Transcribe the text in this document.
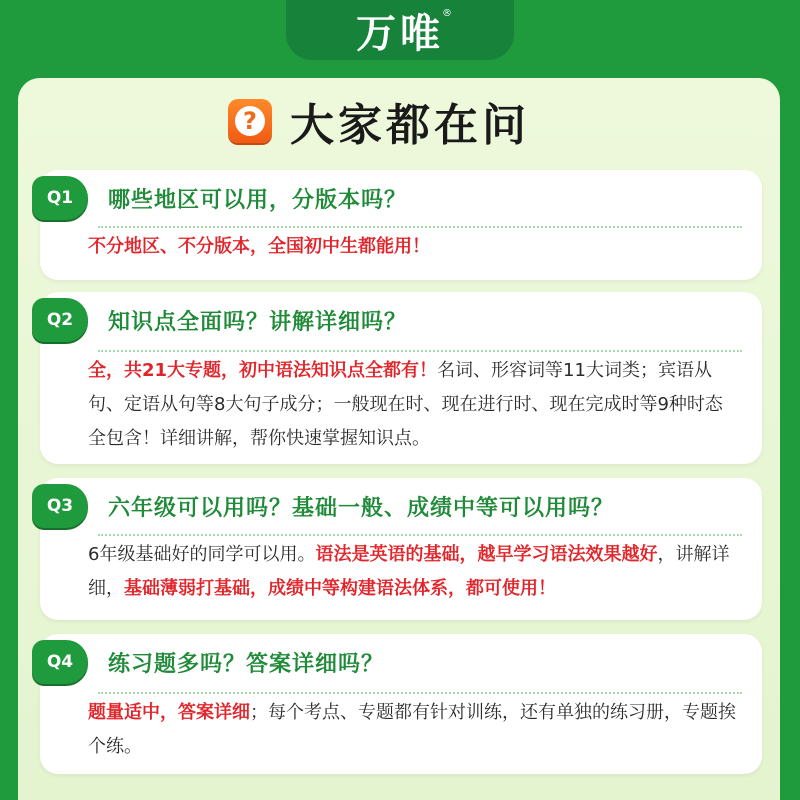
万唯
®
? 大家都在问
Q1	哪些地区可以用，分版本吗？
不分地区、不分版本，全国初中生都能用！
Q2	知识点全面吗？讲解详细吗？
全，共21大专题，初中语法知识点全都有！名词、形容词等11大词类；宾语从句、定语从句等8大句子成分；一般现在时、现在进行时、现在完成时等9种时态全包含！详细讲解，帮你快速掌握知识点。
Q3	六年级可以用吗？基础一般、成绩中等可以用吗？
6年级基础好的同学可以用。语法是英语的基础，越早学习语法效果越好，讲解详细，基础薄弱打基础，成绩中等构建语法体系，都可使用！
Q4	练习题多吗？答案详细吗？
题量适中，答案详细；每个考点、专题都有针对训练，还有单独的练习册，专题挨个练。
